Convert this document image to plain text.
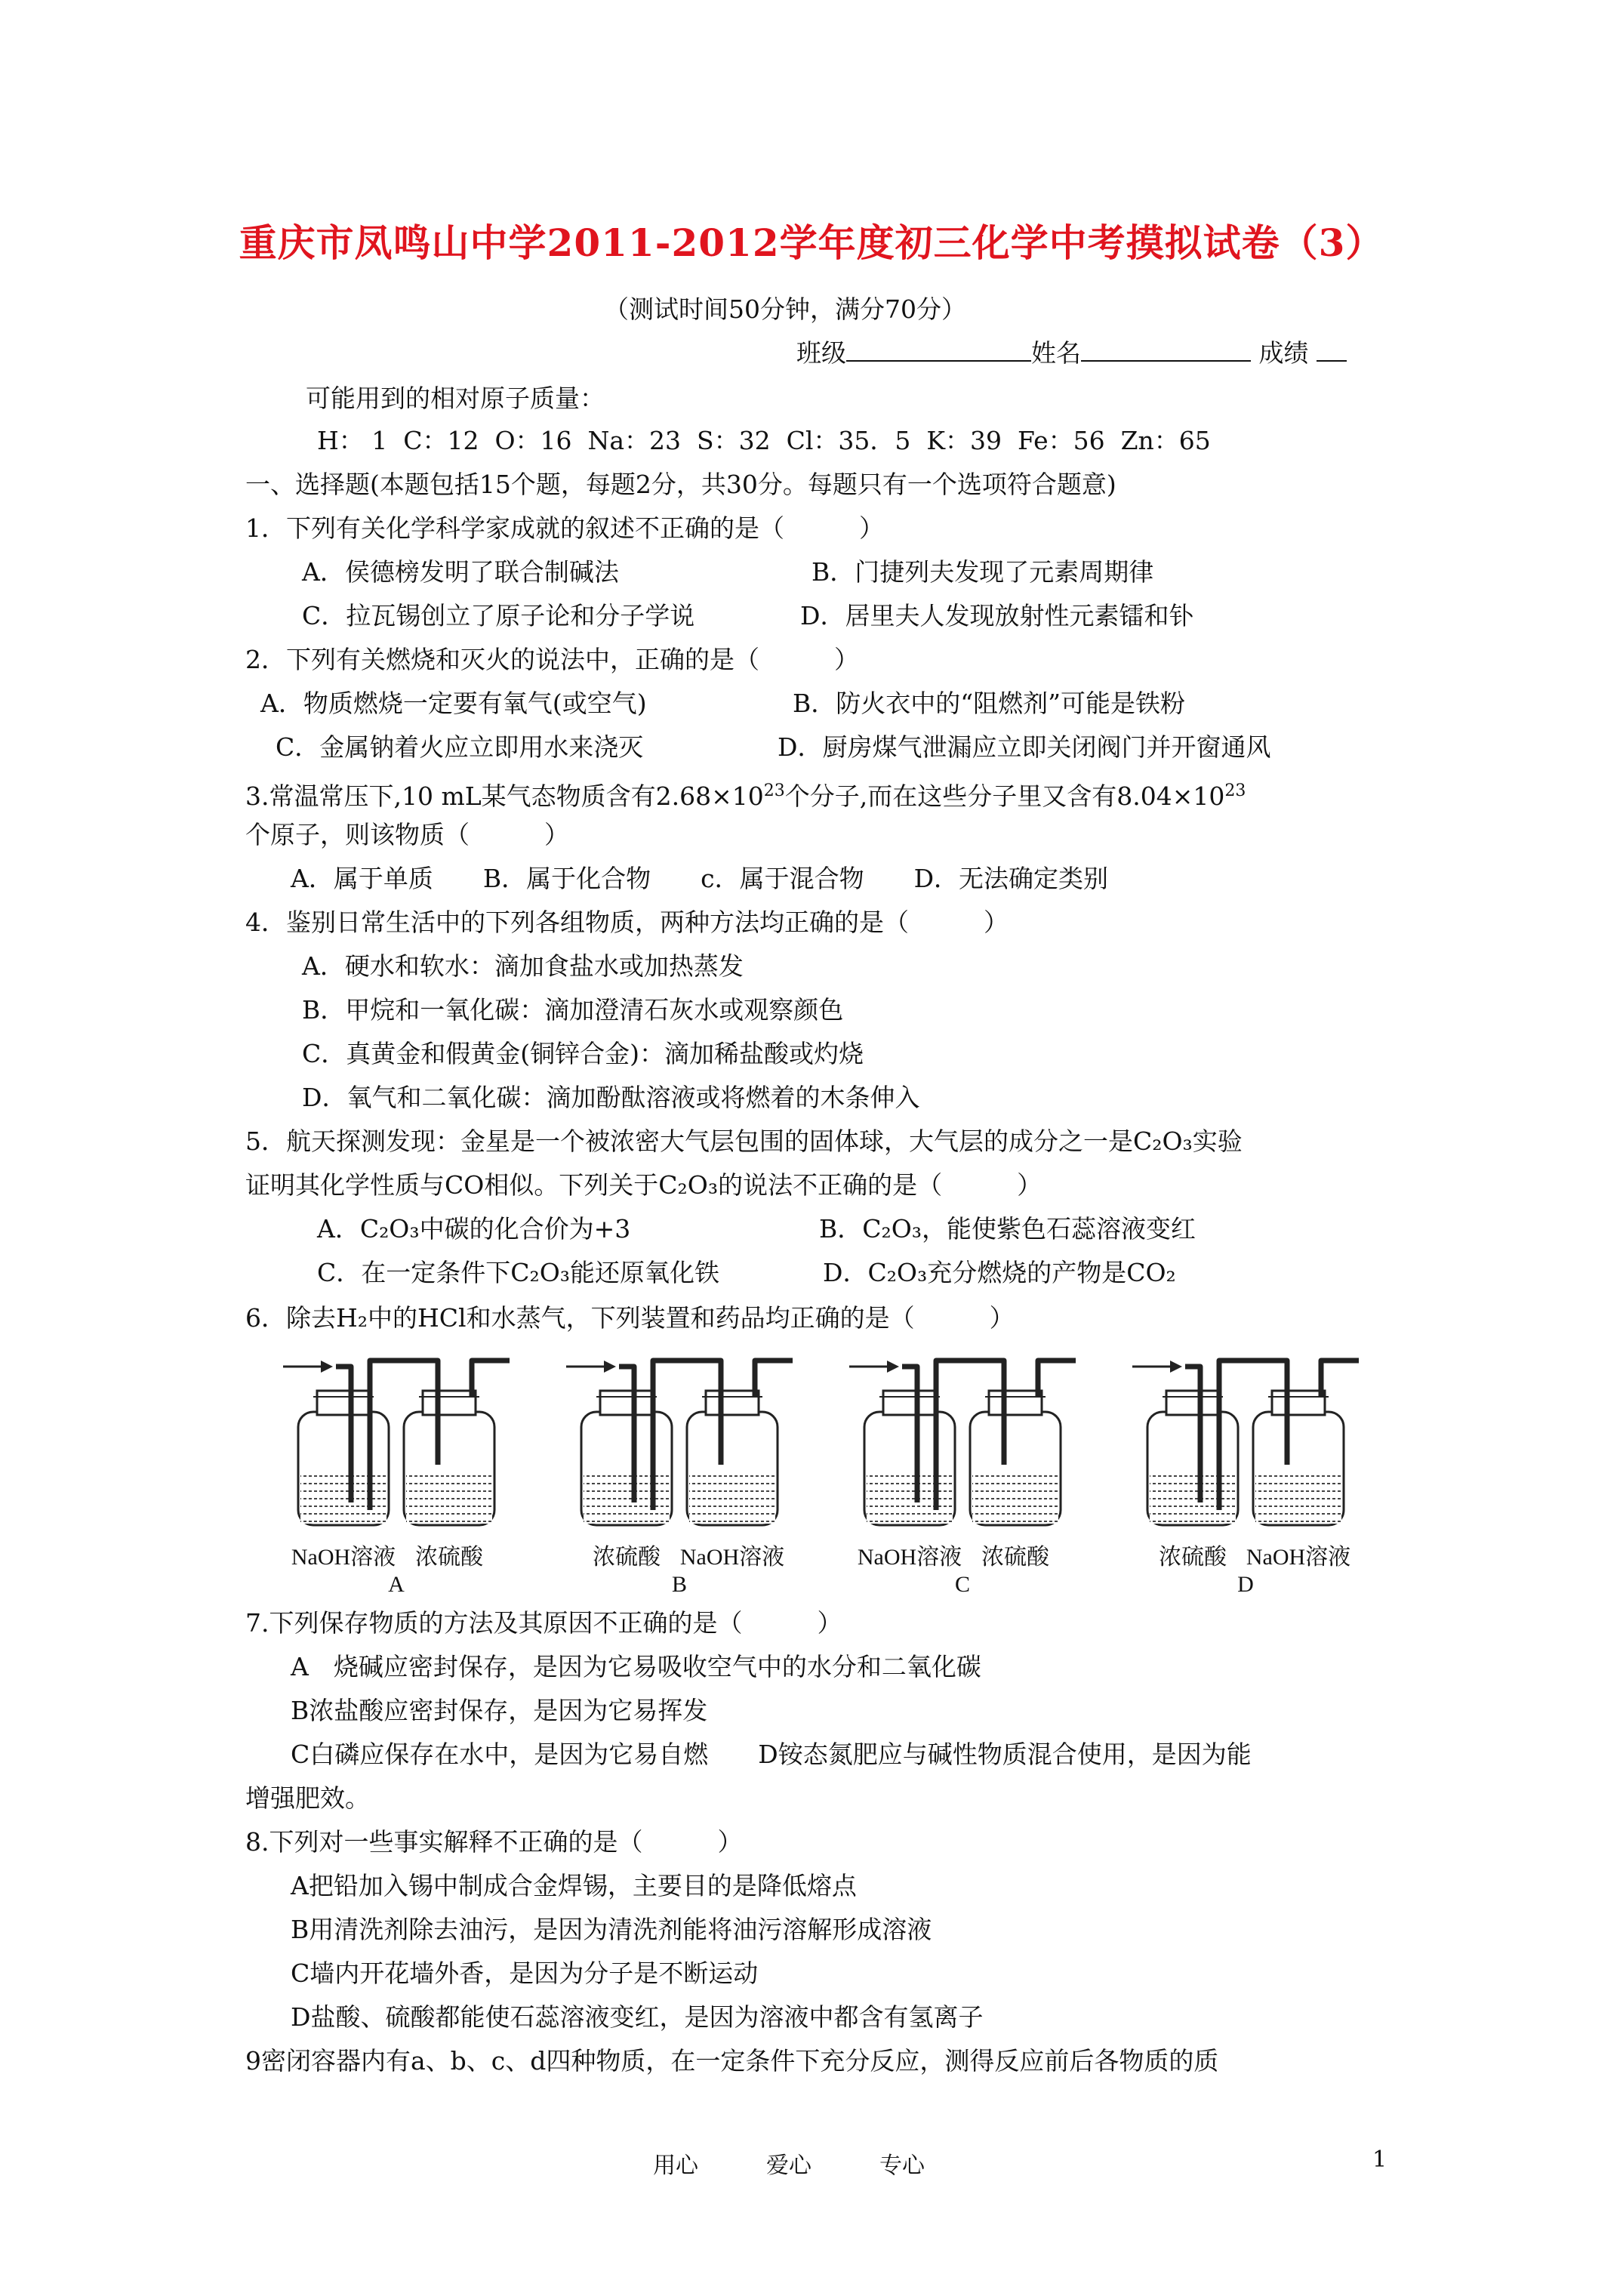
重庆市凤鸣山中学2011-2012学年度初三化学中考摸拟试卷（3）
（测试时间50分钟，满分70分）
班级	姓名	成绩
可能用到的相对原子质量：
H： 1  C：12  O：16  Na：23  S：32  Cl：35．5  K：39  Fe：56  Zn：65
一、选择题(本题包括15个题，每题2分，共30分。每题只有一个选项符合题意)
1．下列有关化学科学家成就的叙述不正确的是（　　　）
A．侯德榜发明了联合制碱法	B．门捷列夫发现了元素周期律
C．拉瓦锡创立了原子论和分子学说	D．居里夫人发现放射性元素镭和钋
2．下列有关燃烧和灭火的说法中，正确的是（　　　）
A．物质燃烧一定要有氧气(或空气)	B．防火衣中的“阻燃剂”可能是铁粉
C．金属钠着火应立即用水来浇灭	D．厨房煤气泄漏应立即关闭阀门并开窗通风
3.常温常压下,10 mL某气态物质含有$2.68\times 10^{23}$个分子,而在这些分子里又含有$8.04\times 10^{23}$
个原子，则该物质（　　　）
A．属于单质　　B．属于化合物　　c．属于混合物　　D．无法确定类别
4．鉴别日常生活中的下列各组物质，两种方法均正确的是（　　　）
A．硬水和软水：滴加食盐水或加热蒸发
B．甲烷和一氧化碳：滴加澄清石灰水或观察颜色
C．真黄金和假黄金(铜锌合金)：滴加稀盐酸或灼烧
D．氧气和二氧化碳：滴加酚酞溶液或将燃着的木条伸入
5．航天探测发现：金星是一个被浓密大气层包围的固体球，大气层的成分之一是C₂O₃实验
证明其化学性质与CO相似。下列关于C₂O₃的说法不正确的是（　　　）
A．C₂O₃中碳的化合价为+3	B．C₂O₃，能使紫色石蕊溶液变红
C．在一定条件下C₂O₃能还原氧化铁	D．C₂O₃充分燃烧的产物是CO₂
6．除去H₂中的HCl和水蒸气，下列装置和药品均正确的是（　　　）
NaOH溶液 浓硫酸
A
浓硫酸 NaOH溶液
B
NaOH溶液 浓硫酸
C
浓硫酸 NaOH溶液
D
7.下列保存物质的方法及其原因不正确的是（　　　）
A　烧碱应密封保存，是因为它易吸收空气中的水分和二氧化碳
B浓盐酸应密封保存，是因为它易挥发
C白磷应保存在水中，是因为它易自燃　　D铵态氮肥应与碱性物质混合使用，是因为能
增强肥效。
8.下列对一些事实解释不正确的是（　　　）
A把铅加入锡中制成合金焊锡，主要目的是降低熔点
B用清洗剂除去油污，是因为清洗剂能将油污溶解形成溶液
C墙内开花墙外香，是因为分子是不断运动
D盐酸、硫酸都能使石蕊溶液变红，是因为溶液中都含有氢离子
9密闭容器内有a、b、c、d四种物质，在一定条件下充分反应，测得反应前后各物质的质
用心　　　爱心　　　专心	1
